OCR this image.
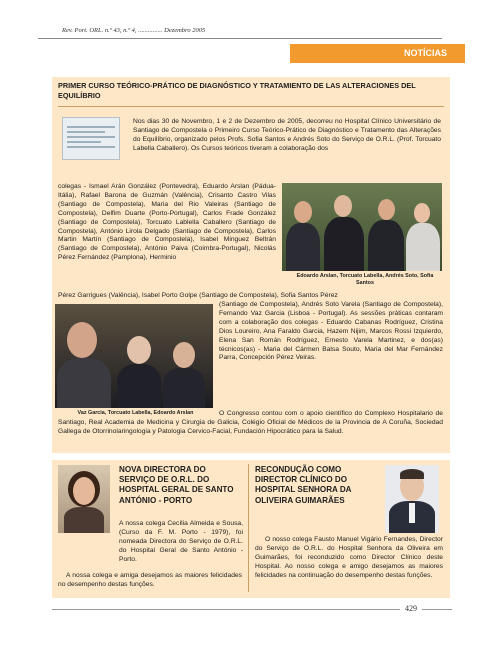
Rev. Port. ORL. n.º 43, n.º 4, ............... Dezembro 2005
NOTÍCIAS
PRIMER CURSO TEÓRICO-PRÁTICO DE DIAGNÓSTICO Y TRATAMIENTO DE LAS ALTERACIONES DEL EQUILÍBRIO
Nos dias 30 de Novembro, 1 e 2 de Dezembro de 2005, decorreu no Hospital Clínico Universitário de Santiago de Compostela o Primeiro Curso Teórico-Prático de Diagnóstico e Tratamento das Alterações do Equilíbrio, organizado pelos Profs. Sofia Santos e Andrés Soto do Serviço de O.R.L. (Prof. Torcuato Labella Caballero). Os Cursos teóricos tiveram a colaboração dos
colegas - Ismael Arán González (Pontevedra), Eduardo Arslan (Pádua-Itália), Rafael Barona de Guzmán (Valência), Crisanto Castro Vilas (Santiago de Compostela), Maria del Rio Valeiras (Santiago de Compostela), Delfim Duarte (Porto-Portugal), Carlos Frade González (Santiago de Compostela), Torcuato Lablella Caballero (Santiago de Compostela), António Lirola Delgado (Santiago de Compostela), Carlos Martin Martín (Santiago de Compostela), Isabel Minguez Beltrán (Santiago de Compostela), António Paiva (Coimbra-Portugal), Nicolás Pérez Fernández (Pamplona), Herminio
Edoardo Arslan, Torcuato Labella, Andrés Soto, Sofia Santos
Pérez Garrigues (Valência), Isabel Porto Golpe (Santiago de Compostela), Sofia Santos Pérez
Vaz Garcia, Torcuato Labella, Edoardo Arslan
(Santiago de Compostela), Andrés Soto Varela (Santiago de Compostela), Fernando Vaz Garcia (Lisboa - Portugal). As sessões práticas contaram com a colaboração dos colegas - Eduardo Cabanas Rodríguez, Cristina Dios Loureiro, Ana Faraldo Garcia, Hazem Nijim, Marcos Rossi Izquierdo, Elena San Román Rodríguez, Ernesto Varela Martinez, e dos(as) técnicos(as) - Maria del Cármen Balsa Souto, Maria del Mar Fernández Parra, Concepción Pérez Veiras.
O Congresso contou com o apoio científico do Complexo Hospitalario de Santiago, Real Academia de Medicina y Cirurgia de Galicia, Colégio Oficial de Médicos de la Provincia de A Coruña, Sociedad Gallega de Otorrinolaringologia y Patologia Cervico-Facial, Fundación Hipocrático para la Salud.
NOVA DIRECTORA DO SERVIÇO DE O.R.L. DO HOSPITAL GERAL DE SANTO ANTÓNIO - PORTO
A nossa colega Cecília Almeida e Sousa, (Curso da F. M. Porto - 1979), foi nomeada Directora do Serviço de O.R.L. do Hospital Geral de Santo António - Porto.
A nossa colega e amiga desejamos as maiores felicidades no desempenho destas funções.
RECONDUÇÃO COMO DIRECTOR CLÍNICO DO HOSPITAL SENHORA DA OLIVEIRA GUIMARÃES
O nosso colega Fausto Manuel Vigário Fernandes, Director do Serviço de O.R.L. do Hospital Senhora da Oliveira em Guimarães, foi reconduzido como Director Clínico deste Hospital. Ao nosso colega e amigo desejamos as maiores felicidades na continuação do desempenho destas funções.
429
